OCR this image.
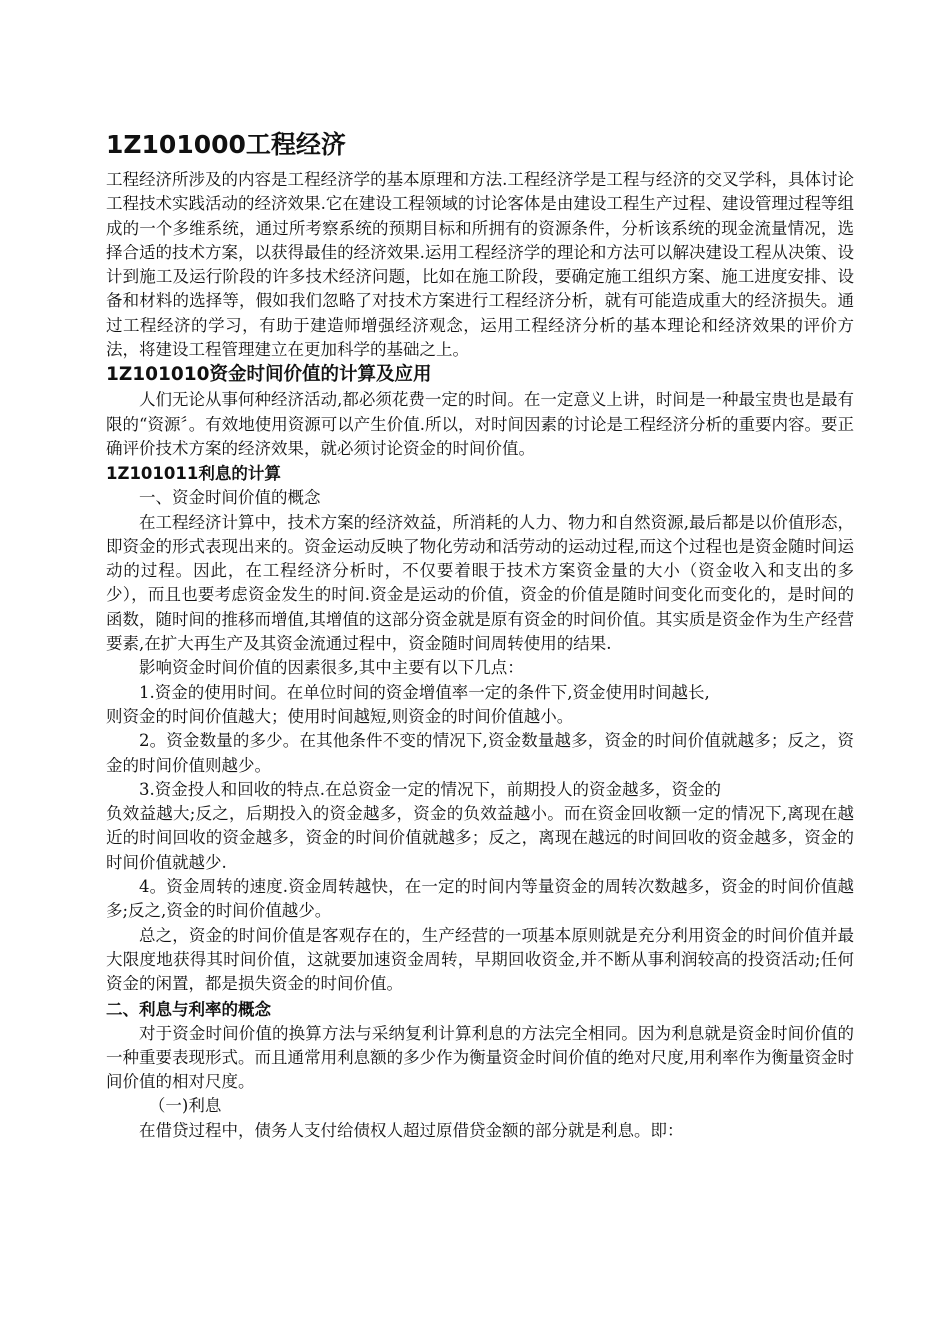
1Z101000工程经济

工程经济所涉及的内容是工程经济学的基本原理和方法.工程经济学是工程与经济的交叉学科，具体讨论工程技术实践活动的经济效果.它在建设工程领域的讨论客体是由建设工程生产过程、建设管理过程等组成的一个多维系统，通过所考察系统的预期目标和所拥有的资源条件，分析该系统的现金流量情况，选择合适的技术方案，以获得最佳的经济效果.运用工程经济学的理论和方法可以解决建设工程从决策、设计到施工及运行阶段的许多技术经济问题，比如在施工阶段，要确定施工组织方案、施工进度安排、设备和材料的选择等，假如我们忽略了对技术方案进行工程经济分析，就有可能造成重大的经济损失。通过工程经济的学习，有助于建造师增强经济观念，运用工程经济分析的基本理论和经济效果的评价方法，将建设工程管理建立在更加科学的基础之上。

1Z101010资金时间价值的计算及应用

人们无论从事何种经济活动,都必须花费一定的时间。在一定意义上讲，时间是一种最宝贵也是最有限的“资源〞。有效地使用资源可以产生价值.所以，对时间因素的讨论是工程经济分析的重要内容。要正确评价技术方案的经济效果，就必须讨论资金的时间价值。

1Z101011利息的计算

一、资金时间价值的概念

在工程经济计算中，技术方案的经济效益，所消耗的人力、物力和自然资源,最后都是以价值形态，即资金的形式表现出来的。资金运动反映了物化劳动和活劳动的运动过程,而这个过程也是资金随时间运动的过程。因此，在工程经济分析时，不仅要着眼于技术方案资金量的大小（资金收入和支出的多少），而且也要考虑资金发生的时间.资金是运动的价值，资金的价值是随时间变化而变化的，是时间的函数，随时间的推移而增值,其增值的这部分资金就是原有资金的时间价值。其实质是资金作为生产经营要素,在扩大再生产及其资金流通过程中，资金随时间周转使用的结果.

影响资金时间价值的因素很多,其中主要有以下几点：

1.资金的使用时间。在单位时间的资金增值率一定的条件下,资金使用时间越长,
则资金的时间价值越大；使用时间越短,则资金的时间价值越小。

2。资金数量的多少。在其他条件不变的情况下,资金数量越多，资金的时间价值就越多；反之，资金的时间价值则越少。

3.资金投人和回收的特点.在总资金一定的情况下，前期投人的资金越多，资金的
负效益越大;反之，后期投入的资金越多，资金的负效益越小。而在资金回收额一定的情况下,离现在越近的时间回收的资金越多，资金的时间价值就越多；反之，离现在越远的时间回收的资金越多，资金的时间价值就越少.

4。资金周转的速度.资金周转越快，在一定的时间内等量资金的周转次数越多，资金的时间价值越多;反之,资金的时间价值越少。

总之，资金的时间价值是客观存在的，生产经营的一项基本原则就是充分利用资金的时间价值并最大限度地获得其时间价值，这就要加速资金周转，早期回收资金,并不断从事利润较高的投资活动;任何资金的闲置，都是损失资金的时间价值。

二、利息与利率的概念

对于资金时间价值的换算方法与采纳复利计算利息的方法完全相同。因为利息就是资金时间价值的一种重要表现形式。而且通常用利息额的多少作为衡量资金时间价值的绝对尺度,用利率作为衡量资金时间价值的相对尺度。

（一)利息

在借贷过程中，债务人支付给债权人超过原借贷金额的部分就是利息。即：
